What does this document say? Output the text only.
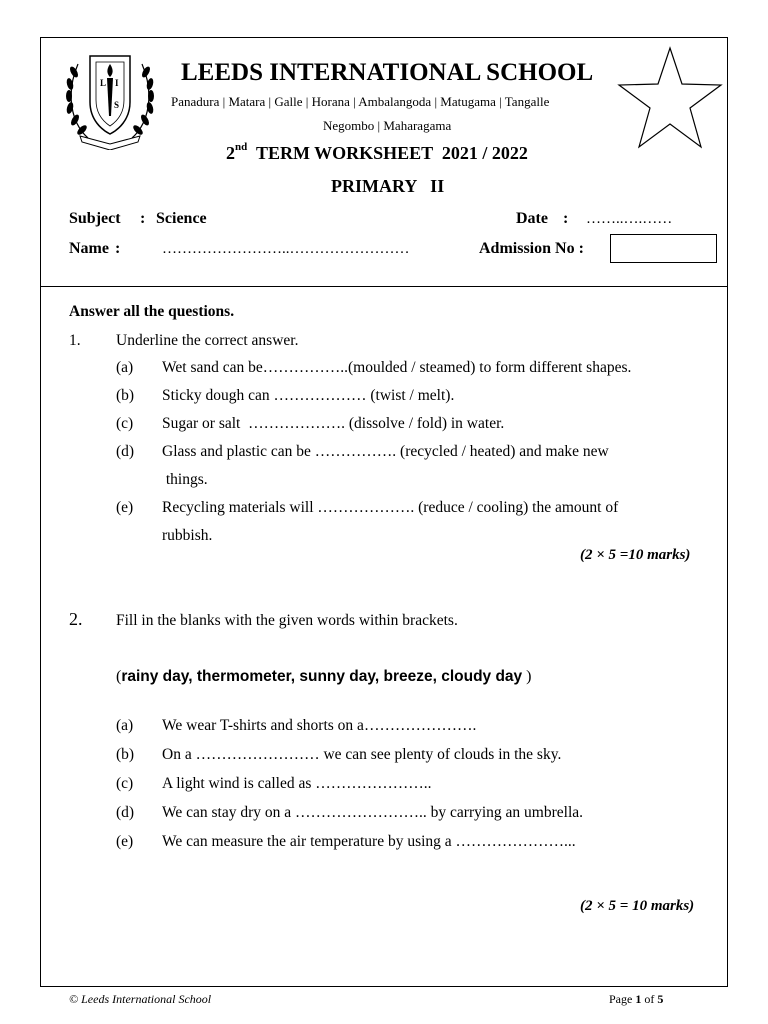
L I
S
LEEDS INTERNATIONAL SCHOOL
Panadura | Matara | Galle | Horana | Ambalangoda | Matugama | Tangalle
Negombo | Maharagama
2nd TERM WORKSHEET  2021 / 2022
PRIMARY   II
Subject : Science	Date : ……..….……
Name :	……………………..……………………	Admission No :
Answer all the questions.
1. Underline the correct answer.
(a) Wet sand can be……………..(moulded / steamed) to form different shapes.
(b) Sticky dough can ……………… (twist / melt).
(c) Sugar or salt  ………………. (dissolve / fold) in water.
(d) Glass and plastic can be ……………. (recycled / heated) and make new
things.
(e) Recycling materials will ………………. (reduce / cooling) the amount of
rubbish.
(2 × 5 =10 marks)
2. Fill in the blanks with the given words within brackets.
(rainy day, thermometer, sunny day, breeze, cloudy day )
(a) We wear T-shirts and shorts on a………………….
(b) On a …………………… we can see plenty of clouds in the sky.
(c) A light wind is called as …………………..
(d) We can stay dry on a …………………….. by carrying an umbrella.
(e) We can measure the air temperature by using a …………………...
(2 × 5 = 10 marks)
© Leeds International School	Page 1 of 5
